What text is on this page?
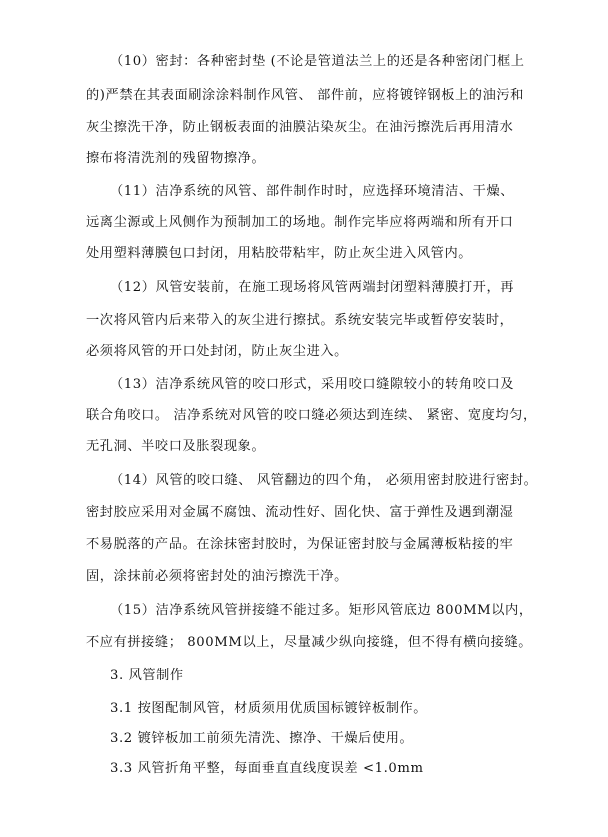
（10）密封：各种密封垫 (不论是管道法兰上的还是各种密闭门框上
的)严禁在其表面刷涂涂料制作风管、 部件前，应将镀锌钢板上的油污和
灰尘擦洗干净，防止钢板表面的油膜沾染灰尘。在油污擦洗后再用清水
擦布将清洗剂的残留物擦净。
（11）洁净系统的风管、部件制作时时，应选择环境清洁、干燥、
远离尘源或上风侧作为预制加工的场地。制作完毕应将两端和所有开口
处用塑料薄膜包口封闭，用粘胶带粘牢，防止灰尘进入风管内。
（12）风管安装前，在施工现场将风管两端封闭塑料薄膜打开，再
一次将风管内后来带入的灰尘进行擦拭。系统安装完毕或暂停安装时，
必须将风管的开口处封闭，防止灰尘进入。
（13）洁净系统风管的咬口形式，采用咬口缝隙较小的转角咬口及
联合角咬口。 洁净系统对风管的咬口缝必须达到连续、 紧密、宽度均匀，
无孔洞、半咬口及胀裂现象。
（14）风管的咬口缝、 风管翻边的四个角， 必须用密封胶进行密封。
密封胶应采用对金属不腐蚀、流动性好、固化快、富于弹性及遇到潮湿
不易脱落的产品。在涂抹密封胶时，为保证密封胶与金属薄板粘接的牢
固，涂抹前必须将密封处的油污擦洗干净。
（15）洁净系统风管拼接缝不能过多。矩形风管底边 800MM以内，
不应有拼接缝； 800MM以上，尽量减少纵向接缝，但不得有横向接缝。
3. 风管制作
3.1 按图配制风管，材质须用优质国标镀锌板制作。
3.2 镀锌板加工前须先清洗、擦净、干燥后使用。
3.3 风管折角平整，每面垂直直线度误差 <1.0mm
